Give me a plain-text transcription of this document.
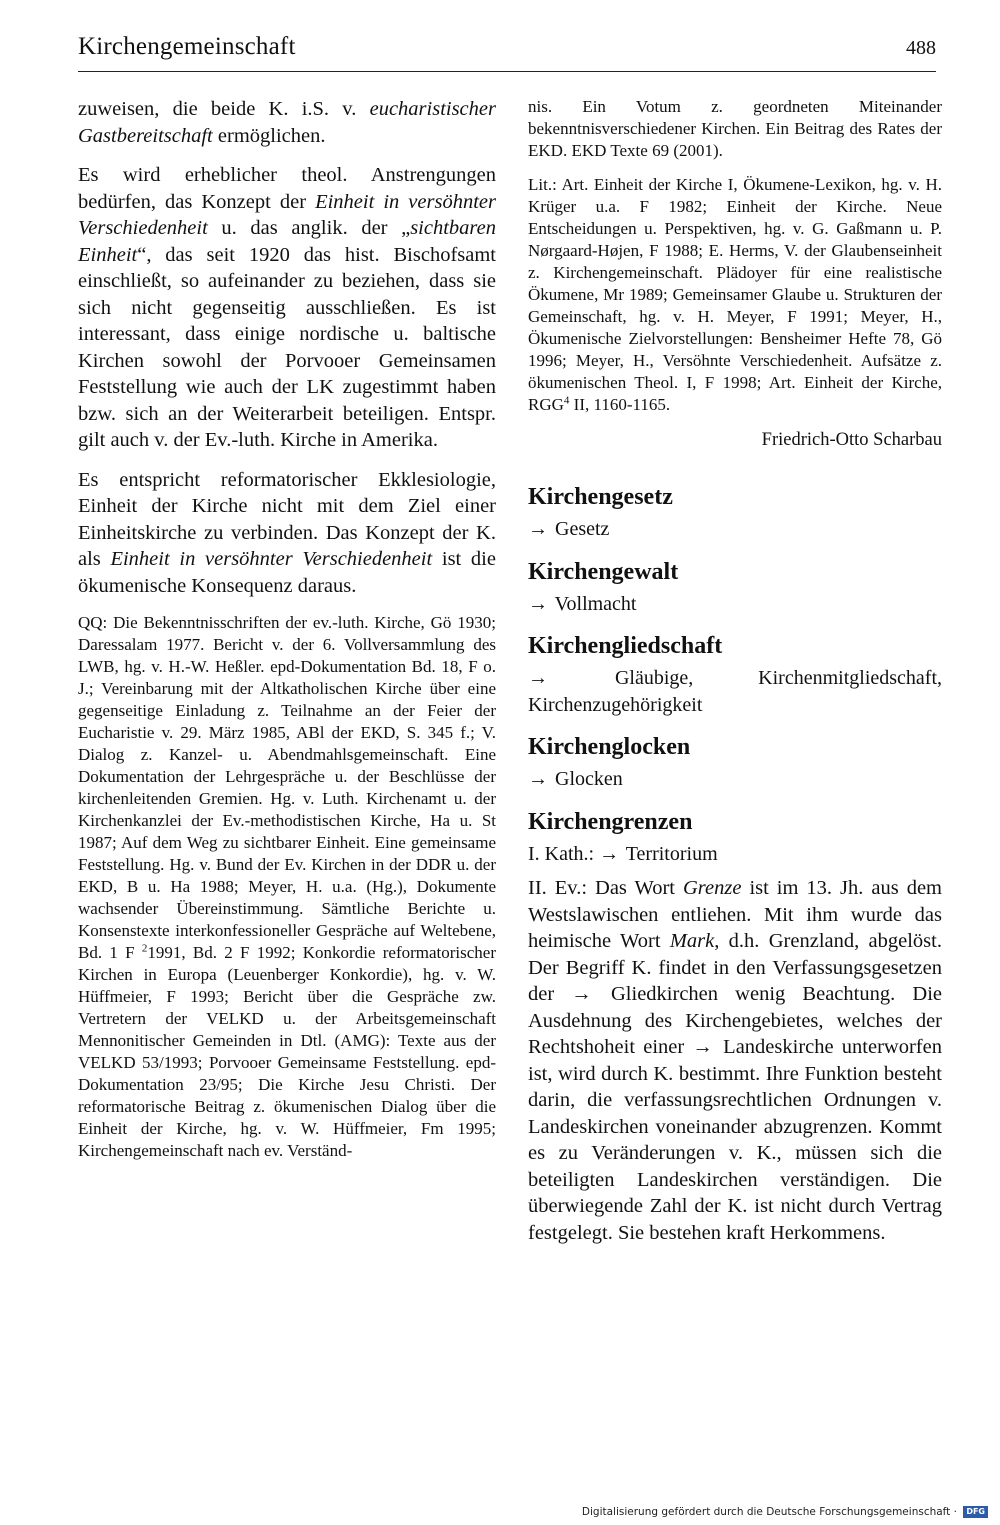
Kirchengemeinschaft	488

zuweisen, die beide K. i.S. v. eucharistischer Gastbereitschaft ermöglichen.

Es wird erheblicher theol. Anstrengungen bedürfen, das Konzept der Einheit in versöhnter Verschiedenheit u. das anglik. der „sichtbaren Einheit“, das seit 1920 das hist. Bischofsamt einschließt, so aufeinander zu beziehen, dass sie sich nicht gegenseitig ausschließen. Es ist interessant, dass einige nordische u. baltische Kirchen sowohl der Porvooer Gemeinsamen Feststellung wie auch der LK zugestimmt haben bzw. sich an der Weiterarbeit beteiligen. Entspr. gilt auch v. der Ev.-luth. Kirche in Amerika.

Es entspricht reformatorischer Ekklesiologie, Einheit der Kirche nicht mit dem Ziel einer Einheitskirche zu verbinden. Das Konzept der K. als Einheit in versöhnter Verschiedenheit ist die ökumenische Konsequenz daraus.

QQ: Die Bekenntnisschriften der ev.-luth. Kirche, Gö 1930; Daressalam 1977. Bericht v. der 6. Vollversammlung des LWB, hg. v. H.-W. Heßler. epd-Dokumentation Bd. 18, F o. J.; Vereinbarung mit der Altkatholischen Kirche über eine gegenseitige Einladung z. Teilnahme an der Feier der Eucharistie v. 29. März 1985, ABl der EKD, S. 345 f.; V. Dialog z. Kanzel- u. Abendmahlsgemeinschaft. Eine Dokumentation der Lehrgespräche u. der Beschlüsse der kirchenleitenden Gremien. Hg. v. Luth. Kirchenamt u. der Kirchenkanzlei der Ev.-methodistischen Kirche, Ha u. St 1987; Auf dem Weg zu sichtbarer Einheit. Eine gemeinsame Feststellung. Hg. v. Bund der Ev. Kirchen in der DDR u. der EKD, B u. Ha 1988; Meyer, H. u.a. (Hg.), Dokumente wachsender Übereinstimmung. Sämtliche Berichte u. Konsenstexte interkonfessioneller Gespräche auf Weltebene, Bd. 1 F $^2$1991, Bd. 2 F 1992; Konkordie reformatorischer Kirchen in Europa (Leuenberger Konkordie), hg. v. W. Hüffmeier, F 1993; Bericht über die Gespräche zw. Vertretern der VELKD u. der Arbeitsgemeinschaft Mennonitischer Gemeinden in Dtl. (AMG): Texte aus der VELKD 53/1993; Porvooer Gemeinsame Feststellung. epd-Dokumentation 23/95; Die Kirche Jesu Christi. Der reformatorische Beitrag z. ökumenischen Dialog über die Einheit der Kirche, hg. v. W. Hüffmeier, Fm 1995; Kirchengemeinschaft nach ev. Verständ-

nis. Ein Votum z. geordneten Miteinander bekenntnisverschiedener Kirchen. Ein Beitrag des Rates der EKD. EKD Texte 69 (2001).

Lit.: Art. Einheit der Kirche I, Ökumene-Lexikon, hg. v. H. Krüger u.a. F 1982; Einheit der Kirche. Neue Entscheidungen u. Perspektiven, hg. v. G. Gaßmann u. P. Nørgaard-Højen, F 1988; E. Herms, V. der Glaubenseinheit z. Kirchengemeinschaft. Plädoyer für eine realistische Ökumene, Mr 1989; Gemeinsamer Glaube u. Strukturen der Gemeinschaft, hg. v. H. Meyer, F 1991; Meyer, H., Ökumenische Zielvorstellungen: Bensheimer Hefte 78, Gö 1996; Meyer, H., Versöhnte Verschiedenheit. Aufsätze z. ökumenischen Theol. I, F 1998; Art. Einheit der Kirche, RGG$^4$ II, 1160-1165.

Friedrich-Otto Scharbau
Kirchengesetz
→ Gesetz
Kirchengewalt
→ Vollmacht
Kirchengliedschaft
→	Gläubige, Kirchenmitgliedschaft, Kirchenzugehörigkeit
Kirchenglocken
→ Glocken
Kirchengrenzen
I. Kath.: → Territorium

II. Ev.: Das Wort Grenze ist im 13. Jh. aus dem Westslawischen entliehen. Mit ihm wurde das heimische Wort Mark, d.h. Grenzland, abgelöst. Der Begriff K. findet in den Verfassungsgesetzen der → Gliedkirchen wenig Beachtung. Die Ausdehnung des Kirchengebietes, welches der Rechtshoheit einer → Landeskirche unterworfen ist, wird durch K. bestimmt. Ihre Funktion besteht darin, die verfassungsrechtlichen Ordnungen v. Landeskirchen voneinander abzugrenzen. Kommt es zu Veränderungen v. K., müssen sich die beteiligten Landeskirchen verständigen. Die überwiegende Zahl der K. ist nicht durch Vertrag festgelegt. Sie bestehen kraft Herkommens.

Digitalisierung gefördert durch die Deutsche Forschungsgemeinschaft · DFG
